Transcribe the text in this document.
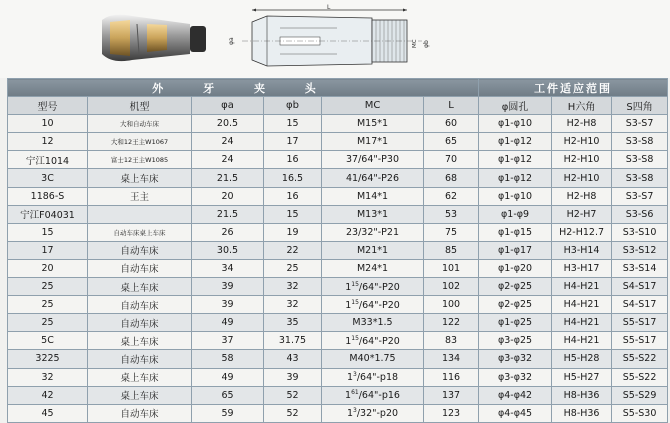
L
φa	MC φb
外 牙 夹 头						工件适应范围		
型号	机型	φa	φb	MC	L	φ圆孔	H六角	S四角
10	大和自动车床	20.5	15	M15*1	60	φ1-φ10	H2-H8	S3-S7
12	大和12王主W1067	24	17	M17*1	65	φ1-φ12	H2-H10	S3-S8
宁江1014	富士12王主W1085	24	16	37/64"-P30	70	φ1-φ12	H2-H10	S3-S8
3C	桌上车床	21.5	16.5	41/64"-P26	68	φ1-φ12	H2-H10	S3-S8
1186-S	王主	20	16	M14*1	62	φ1-φ10	H2-H8	S3-S7
宁江F04031		21.5	15	M13*1	53	φ1-φ9	H2-H7	S3-S6
15	自动车床桌上车床	26	19	23/32"-P21	75	φ1-φ15	H2-H12.7	S3-S10
17	自动车床	30.5	22	M21*1	85	φ1-φ17	H3-H14	S3-S12
20	自动车床	34	25	M24*1	101	φ1-φ20	H3-H17	S3-S14
25	桌上车床	39	32	$1^{15}/64"-P20$	102	φ2-φ25	H4-H21	S4-S17
25	自动车床	39	32	$1^{15}/64"-P20$	100	φ2-φ25	H4-H21	S4-S17
25	自动车床	49	35	M33*1.5	122	φ1-φ25	H4-H21	S5-S17
5C	桌上车床	37	31.75	$1^{15}/64"-P20$	83	φ3-φ25	H4-H21	S5-S17
3225	自动车床	58	43	M40*1.75	134	φ3-φ32	H5-H28	S5-S22
32	桌上车床	49	39	$1^3/64"-p18$	116	φ3-φ32	H5-H27	S5-S22
42	桌上车床	65	52	$1^{61}/64"-p16$	137	φ4-φ42	H8-H36	S5-S29
45	自动车床	59	52	$1^3/32"-p20$	123	φ4-φ45	H8-H36	S5-S30
